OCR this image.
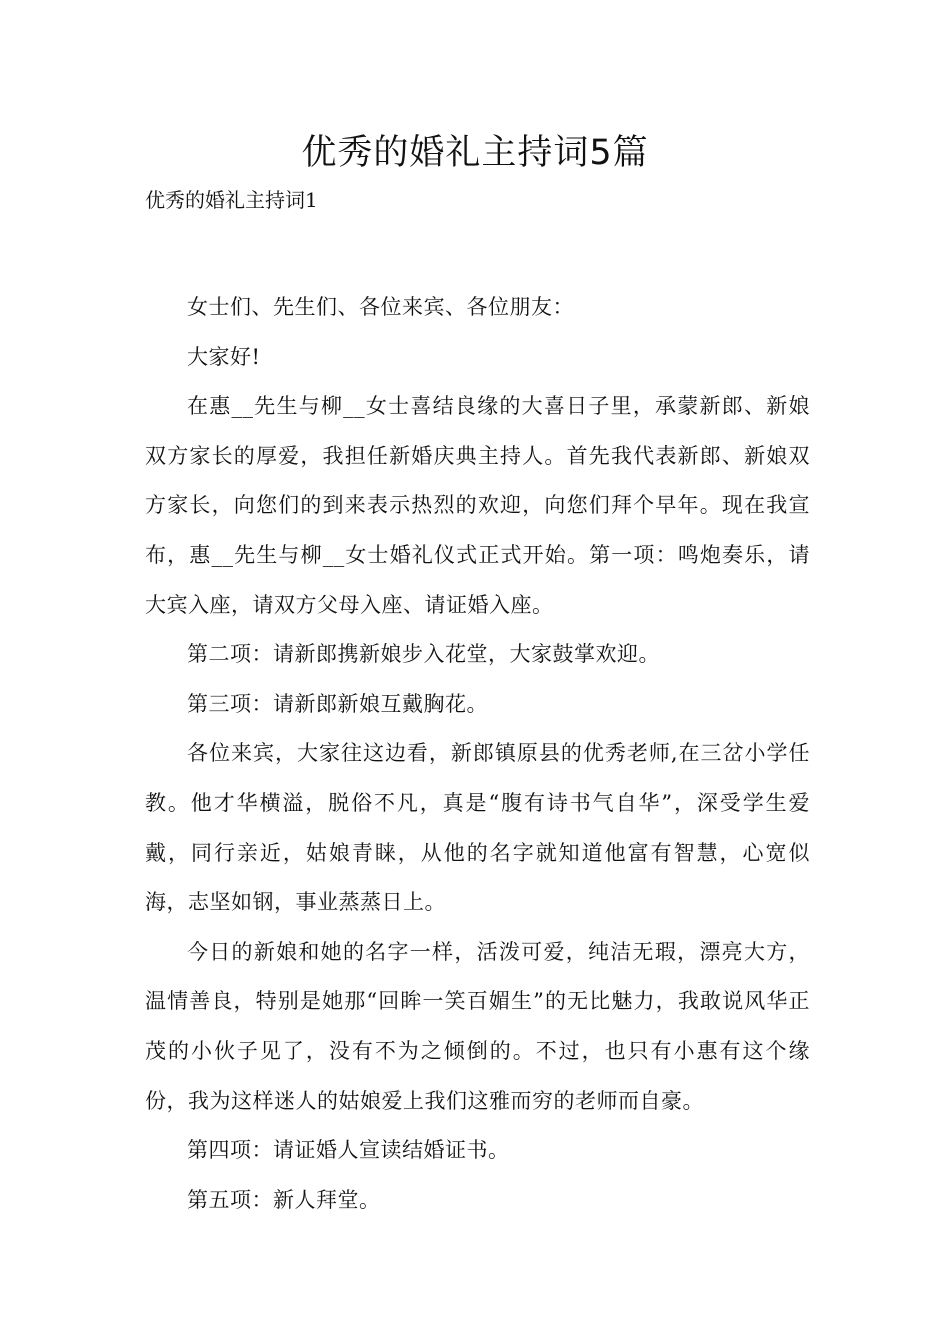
优秀的婚礼主持词5篇

优秀的婚礼主持词1

女士们、先生们、各位来宾、各位朋友：

大家好!

在惠__先生与柳__女士喜结良缘的大喜日子里，承蒙新郎、新娘双方家长的厚爱，我担任新婚庆典主持人。首先我代表新郎、新娘双方家长，向您们的到来表示热烈的欢迎，向您们拜个早年。现在我宣布，惠__先生与柳__女士婚礼仪式正式开始。第一项：鸣炮奏乐，请大宾入座，请双方父母入座、请证婚入座。

第二项：请新郎携新娘步入花堂，大家鼓掌欢迎。

第三项：请新郎新娘互戴胸花。

各位来宾，大家往这边看，新郎镇原县的优秀老师,在三岔小学任教。他才华横溢，脱俗不凡，真是“腹有诗书气自华”，深受学生爱戴，同行亲近，姑娘青睐，从他的名字就知道他富有智慧，心宽似海，志坚如钢，事业蒸蒸日上。

今日的新娘和她的名字一样，活泼可爱，纯洁无瑕，漂亮大方，温情善良，特别是她那“回眸一笑百媚生”的无比魅力，我敢说风华正茂的小伙子见了，没有不为之倾倒的。不过，也只有小惠有这个缘份，我为这样迷人的姑娘爱上我们这雅而穷的老师而自豪。

第四项：请证婚人宣读结婚证书。

第五项：新人拜堂。
